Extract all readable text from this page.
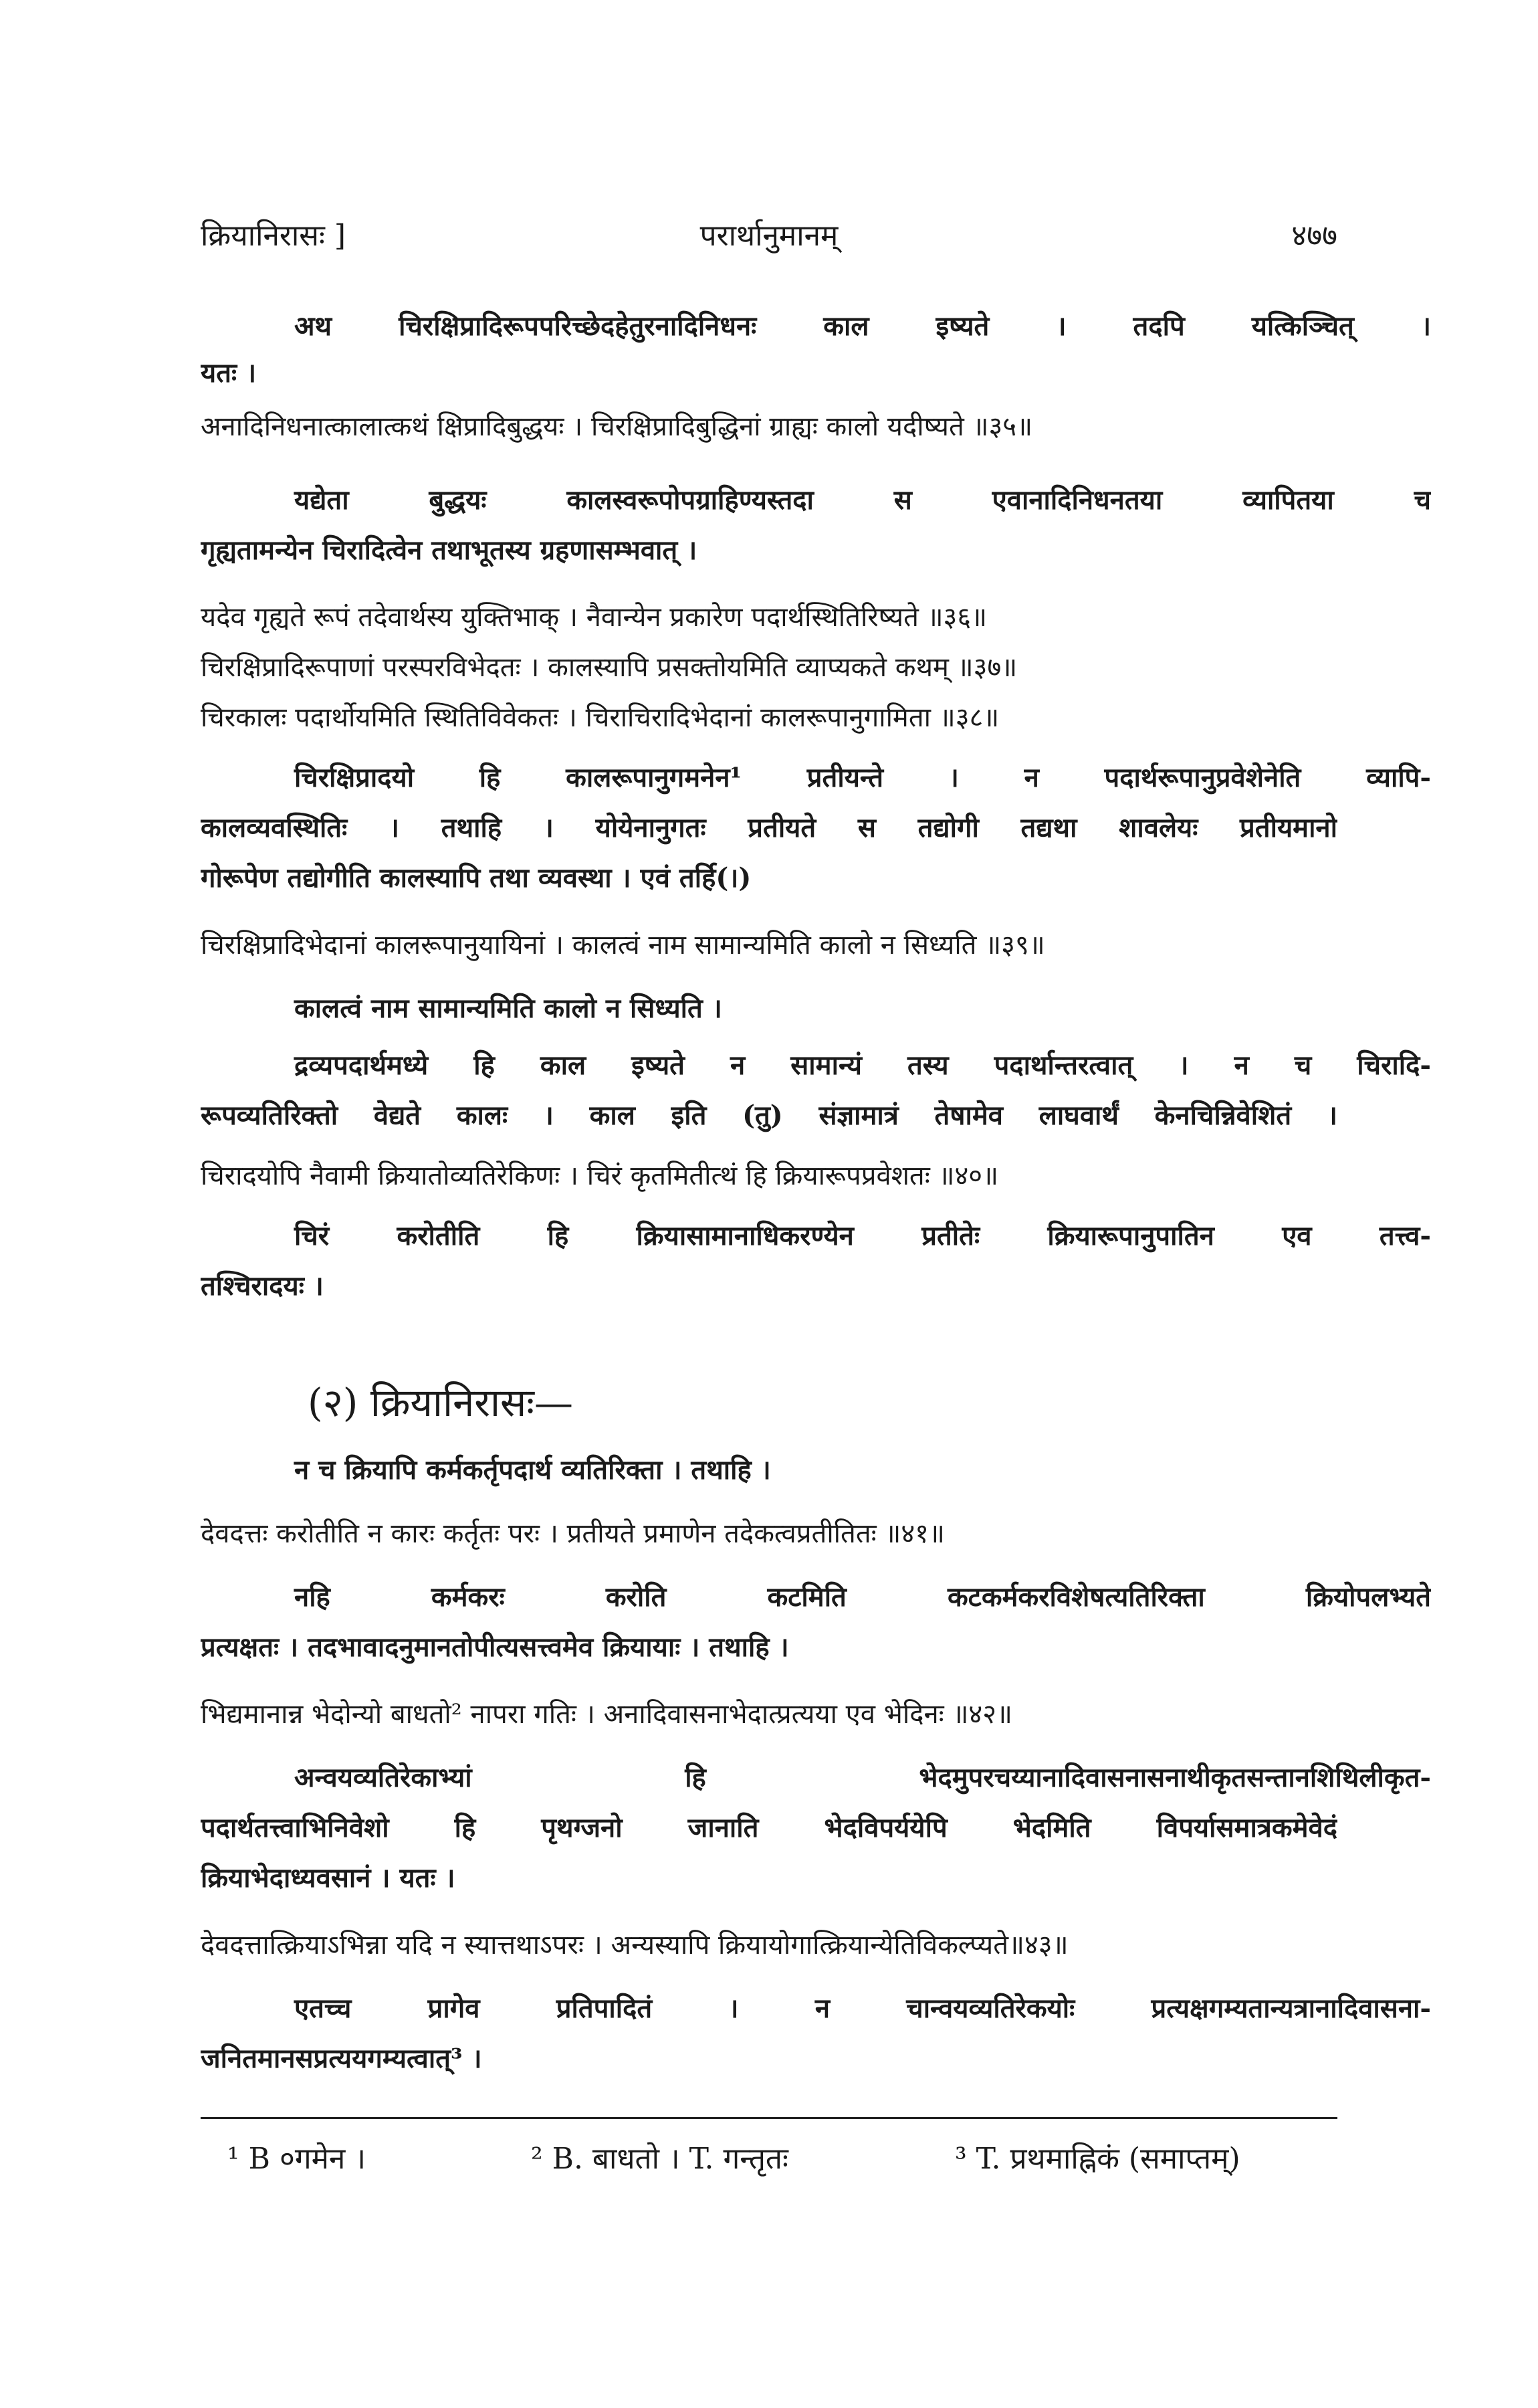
क्रियानिरासः ]	परार्थानुमानम्	४७७
अथ चिरक्षिप्रादिरूपपरिच्छेदहेतुरनादिनिधनः काल इष्यते । तदपि यत्किञ्चित् ।
यतः ।
अनादिनिधनात्कालात्कथं क्षिप्रादिबुद्धयः । चिरक्षिप्रादिबुद्धिनां ग्राह्यः कालो यदीष्यते ॥३५॥
यद्येता बुद्धयः कालस्वरूपोपग्राहिण्यस्तदा स एवानादिनिधनतया व्यापितया च
गृह्यतामन्येन चिरादित्वेन तथाभूतस्य ग्रहणासम्भवात् ।
यदेव गृह्यते रूपं तदेवार्थस्य युक्तिभाक् । नैवान्येन प्रकारेण पदार्थस्थितिरिष्यते ॥३६॥
चिरक्षिप्रादिरूपाणां परस्परविभेदतः । कालस्यापि प्रसक्तोयमिति व्याप्यकते कथम् ॥३७॥
चिरकालः पदार्थोयमिति स्थितिविवेकतः । चिराचिरादिभेदानां कालरूपानुगामिता ॥३८॥
चिरक्षिप्रादयो हि कालरूपानुगमनेन¹ प्रतीयन्ते । न पदार्थरूपानुप्रवेशेनेति व्यापि-
कालव्यवस्थितिः । तथाहि । योयेनानुगतः प्रतीयते स तद्योगी तद्यथा शावलेयः प्रतीयमानो
गोरूपेण तद्योगीति कालस्यापि तथा व्यवस्था । एवं तर्हि(।)
चिरक्षिप्रादिभेदानां कालरूपानुयायिनां । कालत्वं नाम सामान्यमिति कालो न सिध्यति ॥३९॥
कालत्वं नाम सामान्यमिति कालो न सिध्यति ।
द्रव्यपदार्थमध्ये हि काल इष्यते न सामान्यं तस्य पदार्थान्तरत्वात् । न च चिरादि-
रूपव्यतिरिक्तो वेद्यते कालः । काल इति (तु) संज्ञामात्रं तेषामेव लाघवार्थं केनचिन्निवेशितं ।
चिरादयोपि नैवामी क्रियातोव्यतिरेकिणः । चिरं कृतमितीत्थं हि क्रियारूपप्रवेशतः ॥४०॥
चिरं करोतीति हि क्रियासामानाधिकरण्येन प्रतीतेः क्रियारूपानुपातिन एव तत्त्व-
तश्चिरादयः ।
(२) क्रियानिरासः—
न च क्रियापि कर्मकर्तृपदार्थ व्यतिरिक्ता । तथाहि ।
देवदत्तः करोतीति न कारः कर्तृतः परः । प्रतीयते प्रमाणेन तदेकत्वप्रतीतितः ॥४१॥
नहि कर्मकरः करोति कटमिति कटकर्मकरविशेषत्यतिरिक्ता क्रियोपलभ्यते
प्रत्यक्षतः । तदभावादनुमानतोपीत्यसत्त्वमेव क्रियायाः । तथाहि ।
भिद्यमानान्न भेदोन्यो बाधतो² नापरा गतिः । अनादिवासनाभेदात्प्रत्यया एव भेदिनः ॥४२॥
अन्वयव्यतिरेकाभ्यां हि भेदमुपरचय्यानादिवासनासनाथीकृतसन्तानशिथिलीकृत-
पदार्थतत्त्वाभिनिवेशो हि पृथग्जनो जानाति भेदविपर्ययेपि भेदमिति विपर्यासमात्रकमेवेदं
क्रियाभेदाध्यवसानं । यतः ।
देवदत्तात्क्रियाऽभिन्ना यदि न स्यात्तथाऽपरः । अन्यस्यापि क्रियायोगात्क्रियान्येतिविकल्प्यते॥४३॥
एतच्च प्रागेव प्रतिपादितं । न चान्वयव्यतिरेकयोः प्रत्यक्षगम्यतान्यत्रानादिवासना-
जनितमानसप्रत्ययगम्यत्वात्³ ।
¹ B ०गमेन ।	² B. बाधतो । T. गन्तृतः	³ T. प्रथमाह्निकं (समाप्तम्)
